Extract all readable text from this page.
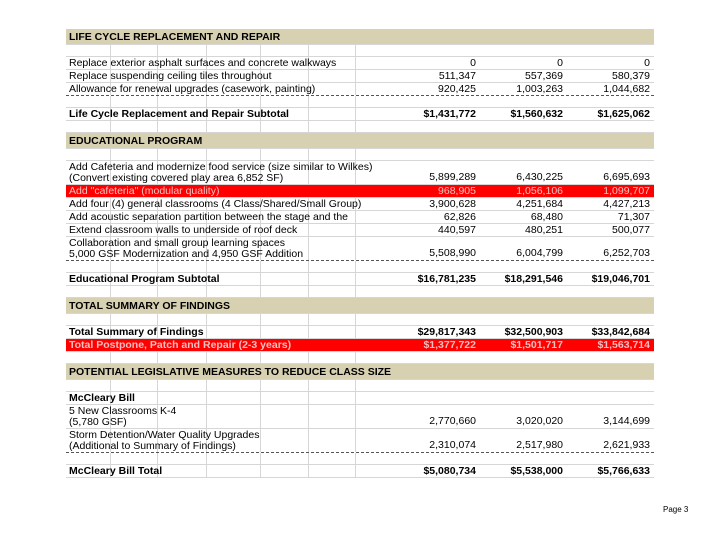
LIFE CYCLE REPLACEMENT AND REPAIR
Replace exterior asphalt surfaces and concrete walkways	0	0	0
Replace suspending ceiling tiles throughout	511,347	557,369	580,379
Allowance for renewal upgrades (casework, painting)	920,425	1,003,263	1,044,682
Life Cycle Replacement and Repair Subtotal	$1,431,772	$1,560,632	$1,625,062
EDUCATIONAL PROGRAM
Add Cafeteria and modernize food service (size similar to Wilkes)
(Convert existing covered play area 6,852 SF)	5,899,289	6,430,225	6,695,693
Add "cafeteria" (modular quality)	968,905	1,056,106	1,099,707
Add four (4) general classrooms (4 Class/Shared/Small Group)	3,900,628	4,251,684	4,427,213
Add acoustic separation partition between the stage and the	62,826	68,480	71,307
Extend classroom walls to underside of roof deck	440,597	480,251	500,077
Collaboration and small group learning spaces
5,000 GSF Modernization and 4,950 GSF Addition	5,508,990	6,004,799	6,252,703
Educational Program Subtotal	$16,781,235	$18,291,546	$19,046,701
TOTAL SUMMARY OF FINDINGS
Total Summary of Findings	$29,817,343	$32,500,903	$33,842,684
Total Postpone, Patch and Repair (2-3 years)	$1,377,722	$1,501,717	$1,563,714
POTENTIAL LEGISLATIVE MEASURES TO REDUCE CLASS SIZE
McCleary Bill
5 New Classrooms K-4
(5,780 GSF)	2,770,660	3,020,020	3,144,699
Storm Detention/Water Quality Upgrades
(Additional to Summary of Findings)	2,310,074	2,517,980	2,621,933
McCleary Bill Total	$5,080,734	$5,538,000	$5,766,633
Page 3
